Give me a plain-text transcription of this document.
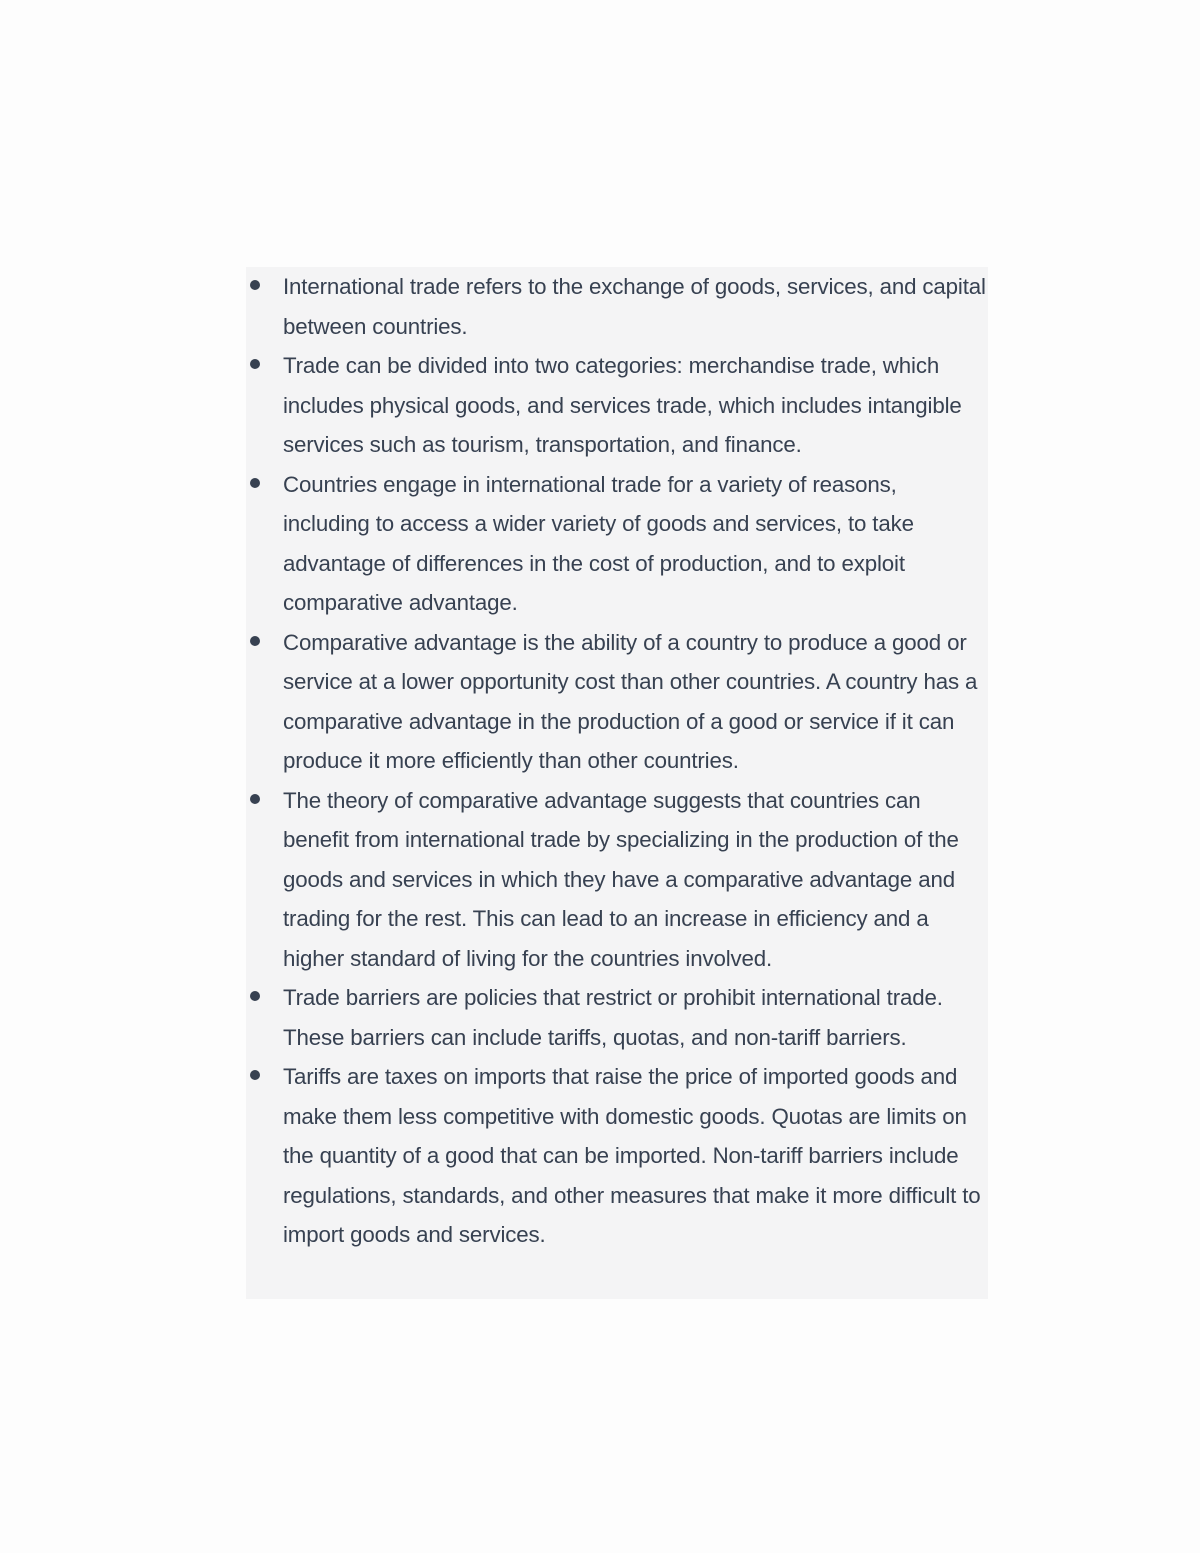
International trade refers to the exchange of goods, services, and capital between countries.
Trade can be divided into two categories: merchandise trade, which includes physical goods, and services trade, which includes intangible services such as tourism, transportation, and finance.
Countries engage in international trade for a variety of reasons, including to access a wider variety of goods and services, to take advantage of differences in the cost of production, and to exploit comparative advantage.
Comparative advantage is the ability of a country to produce a good or service at a lower opportunity cost than other countries. A country has a comparative advantage in the production of a good or service if it can produce it more efficiently than other countries.
The theory of comparative advantage suggests that countries can benefit from international trade by specializing in the production of the goods and services in which they have a comparative advantage and trading for the rest. This can lead to an increase in efficiency and a higher standard of living for the countries involved.
Trade barriers are policies that restrict or prohibit international trade. These barriers can include tariffs, quotas, and non-tariff barriers.
Tariffs are taxes on imports that raise the price of imported goods and make them less competitive with domestic goods. Quotas are limits on the quantity of a good that can be imported. Non-tariff barriers include regulations, standards, and other measures that make it more difficult to import goods and services.
